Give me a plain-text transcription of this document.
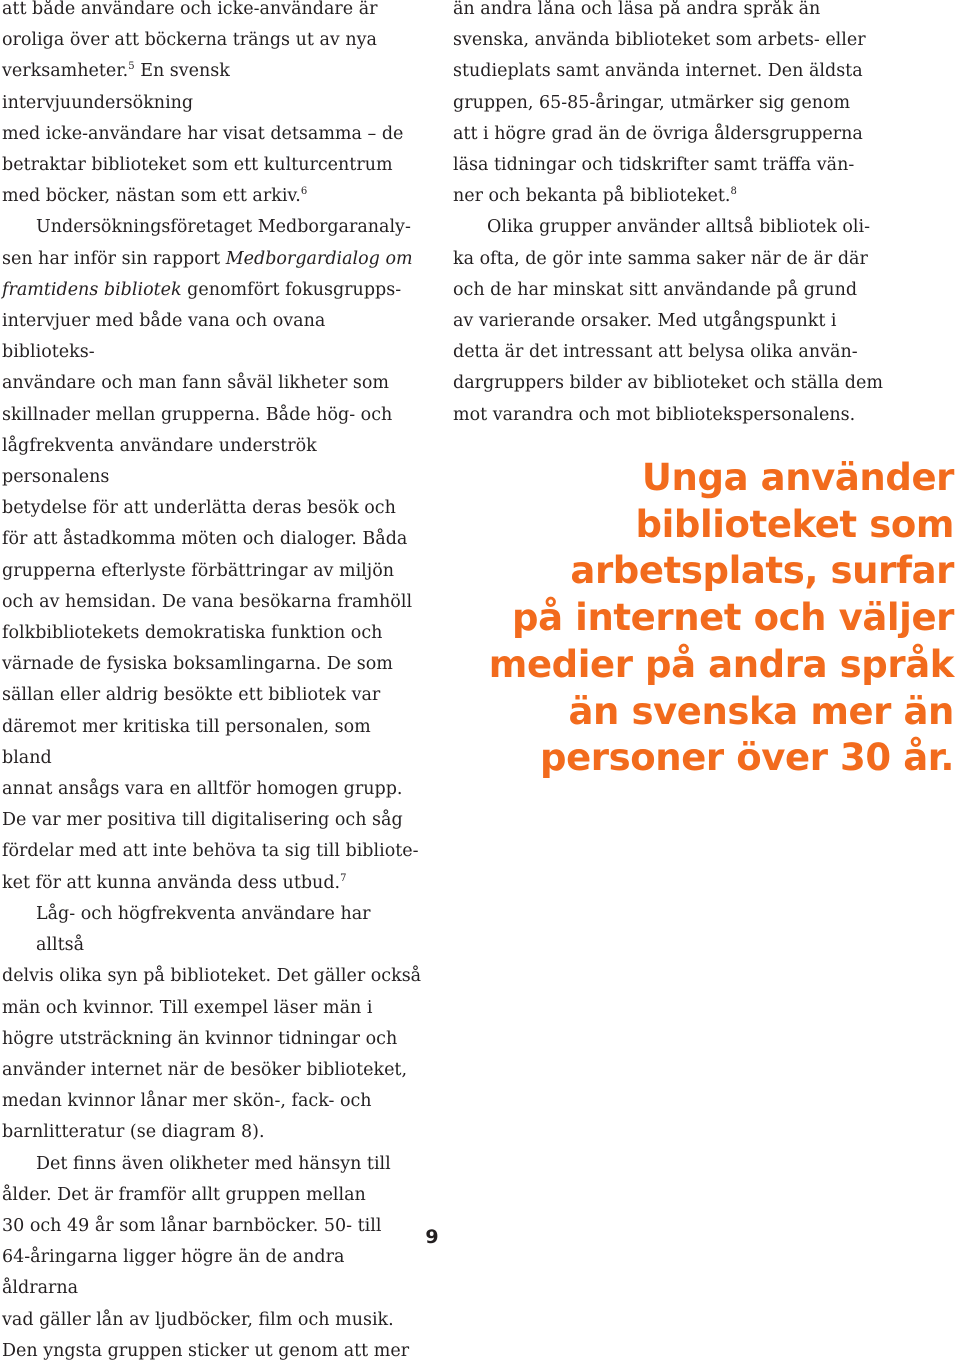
att både användare och icke-användare är
oroliga över att böckerna trängs ut av nya
verksamheter.$^5$ En svensk intervjuundersökning
med icke-användare har visat detsamma – de
betraktar biblioteket som ett kulturcentrum
med böcker, nästan som ett arkiv.$^6$

Undersökningsföretaget Medborgaranaly-

sen har inför sin rapport Medborgardialog om
framtidens bibliotek genomfört fokusgrupps-
intervjuer med både vana och ovana biblioteks-
användare och man fann såväl likheter som
skillnader mellan grupperna. Både hög- och
lågfrekventa användare underströk personalens
betydelse för att underlätta deras besök och
för att åstadkomma möten och dialoger. Båda
grupperna efterlyste förbättringar av miljön
och av hemsidan. De vana besökarna framhöll
folkbibliotekets demokratiska funktion och
värnade de fysiska boksamlingarna. De som
sällan eller aldrig besökte ett bibliotek var
däremot mer kritiska till personalen, som bland
annat ansågs vara en alltför homogen grupp.
De var mer positiva till digitalisering och såg
fördelar med att inte behöva ta sig till bibliote-
ket för att kunna använda dess utbud.$^7$

Låg- och högfrekventa användare har alltså

delvis olika syn på biblioteket. Det gäller också
män och kvinnor. Till exempel läser män i
högre utsträckning än kvinnor tidningar och
använder internet när de besöker biblioteket,
medan kvinnor lånar mer skön-, fack- och
barnlitteratur (se diagram 8).

Det finns även olikheter med hänsyn till

ålder. Det är framför allt gruppen mellan
30 och 49 år som lånar barnböcker. 50- till
64-åringarna ligger högre än de andra åldrarna
vad gäller lån av ljudböcker, film och musik.
Den yngsta gruppen sticker ut genom att mer

än andra låna och läsa på andra språk än
svenska, använda biblioteket som arbets- eller
studieplats samt använda internet. Den äldsta
gruppen, 65-85-åringar, utmärker sig genom
att i högre grad än de övriga åldersgrupperna
läsa tidningar och tidskrifter samt träffa vän-
ner och bekanta på biblioteket.$^8$

Olika grupper använder alltså bibliotek oli-

ka ofta, de gör inte samma saker när de är där
och de har minskat sitt användande på grund
av varierande orsaker. Med utgångspunkt i
detta är det intressant att belysa olika använ-
dargruppers bilder av biblioteket och ställa dem
mot varandra och mot bibliotekspersonalens.

Unga använder
biblioteket som
arbetsplats, surfar
på internet och väljer
medier på andra språk
än svenska mer än
personer över 30 år.
9
